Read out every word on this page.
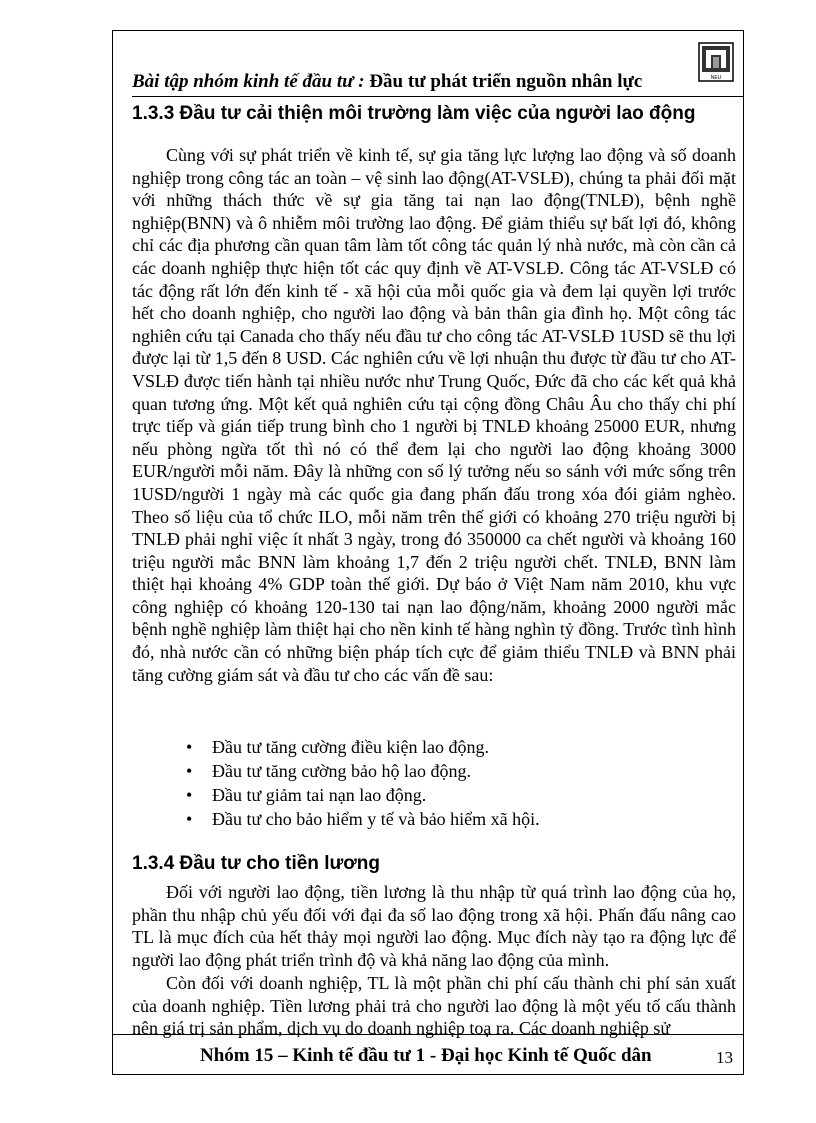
NEU
Bài tập nhóm kinh tế đầu tư : Đầu tư phát triển nguồn nhân lực
1.3.3 Đầu tư cải thiện môi trường làm việc của người lao động

Cùng với sự phát triển về kinh tế, sự gia tăng lực lượng lao động và số doanh nghiệp trong công tác an toàn – vệ sinh lao động(AT-VSLĐ), chúng ta phải đối mặt với những thách thức về sự gia tăng tai nạn lao động(TNLĐ), bệnh nghề nghiệp(BNN) và ô nhiễm môi trường lao động. Để giảm thiểu sự bất lợi đó, không chỉ các địa phương cần quan tâm làm tốt công tác quản lý nhà nước, mà còn cần cả các doanh nghiệp thực hiện tốt các quy định về AT-VSLĐ. Công tác AT-VSLĐ có tác động rất lớn đến kinh tế - xã hội của mỗi quốc gia và đem lại quyền lợi trước hết cho doanh nghiệp, cho người lao động và bản thân gia đình họ. Một công tác nghiên cứu tại Canada cho thấy nếu đầu tư cho công tác AT-VSLĐ 1USD sẽ thu lợi được lại từ 1,5 đến 8 USD. Các nghiên cứu về lợi nhuận thu được từ đầu tư cho AT-VSLĐ được tiến hành tại nhiều nước như Trung Quốc, Đức đã cho các kết quả khả quan tương ứng. Một kết quả nghiên cứu tại cộng đồng Châu Âu cho thấy chi phí trực tiếp và gián tiếp trung bình cho 1 người bị TNLĐ khoảng 25000 EUR, nhưng nếu phòng ngừa tốt thì nó có thể đem lại cho người lao động khoảng 3000 EUR/người mỗi năm. Đây là những con số lý tưởng nếu so sánh với mức sống trên 1USD/người 1 ngày mà các quốc gia đang phấn đấu trong xóa đói giảm nghèo. Theo số liệu của tổ chức ILO, mỗi năm trên thế giới có khoảng 270 triệu người bị TNLĐ phải nghỉ việc ít nhất 3 ngày, trong đó 350000 ca chết người và khoảng 160 triệu người mắc BNN làm khoảng 1,7 đến 2 triệu người chết. TNLĐ, BNN làm thiệt hại khoảng 4% GDP toàn thế giới. Dự báo ở Việt Nam năm 2010, khu vực công nghiệp có khoảng 120-130 tai nạn lao động/năm, khoảng 2000 người mắc bệnh nghề nghiệp làm thiệt hại cho nền kinh tế hàng nghìn tỷ đồng. Trước tình hình đó, nhà nước cần có những biện pháp tích cực để giảm thiểu TNLĐ và BNN phải tăng cường giám sát và đầu tư cho các vấn đề sau:

• Đầu tư tăng cường điều kiện lao động.
• Đầu tư tăng cường bảo hộ lao động.
• Đầu tư giảm tai nạn lao động.
• Đầu tư cho bảo hiểm y tế và bảo hiểm xã hội.
1.3.4 Đầu tư cho tiền lương

Đối với người lao động, tiền lương là thu nhập từ quá trình lao động của họ, phần thu nhập chủ yếu đối với đại đa số lao động trong xã hội. Phấn đấu nâng cao TL là mục đích của hết thảy mọi người lao động. Mục đích này tạo ra động lực để người lao động phát triển trình độ và khả năng lao động của mình.

Còn đối với doanh nghiệp, TL là một phần chi phí cấu thành chi phí sản xuất của doanh nghiệp. Tiền lương phải trả cho người lao động là một yếu tố cấu thành nên giá trị sản phẩm, dịch vụ do doanh nghiệp toạ ra. Các doanh nghiệp sử

Nhóm 15 – Kinh tế đầu tư 1 - Đại học Kinh tế Quốc dân	13
